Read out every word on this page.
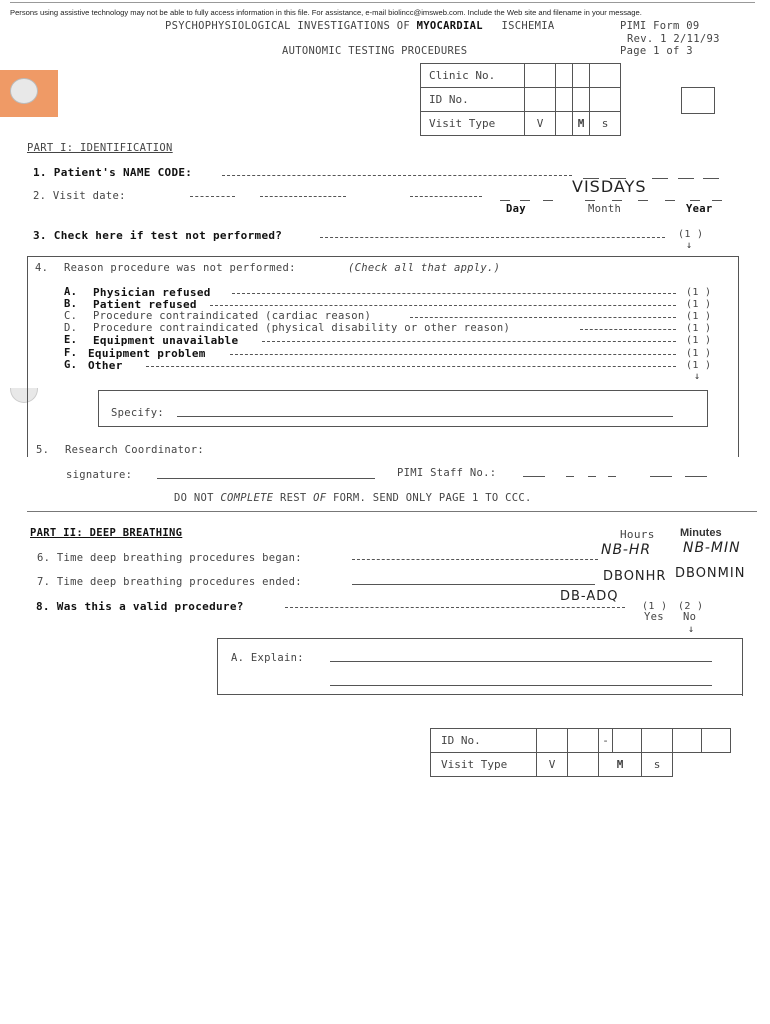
Persons using assistive technology may not be able to fully access information in this file. For assistance, e-mail biolincc@imsweb.com. Include the Web site and filename in your message.
PSYCHOPHYSIOLOGICAL INVESTIGATIONS OF MYOCARDIAL ISCHEMIA
AUTONOMIC TESTING PROCEDURES
PIMI Form 09
Rev. 1 2/11/93
Page 1 of 3
Clinic No.				
ID No.				
Visit Type	V		M	s
PART I: IDENTIFICATION
1. Patient's NAME CODE:
2. Visit date:	VISDAYS
Day	Month	Year
3. Check here if test not performed?	(1 )
↓
4. Reason procedure was not performed:	(Check all that apply.)
A. Physician refused	(1 )
B. Patient refused	(1 )
C. Procedure contraindicated (cardiac reason)	(1 )
D. Procedure contraindicated (physical disability or other reason)	(1 )
E. Equipment unavailable	(1 )
F. Equipment problem	(1 )
G. Other	(1 )
↓
Specify:
5. Research Coordinator:
signature:	PIMI Staff No.:
DO NOT COMPLETE REST OF FORM. SEND ONLY PAGE 1 TO CCC.
PART II: DEEP BREATHING	Hours Minutes
6. Time deep breathing procedures began:	NB-HR NB-MIN
7. Time deep breathing procedures ended:	DBONHR DBONMIN
8. Was this a valid procedure?
DB-ADQ
(1 ) (2 )
Yes No
↓
A. Explain:
ID No.			-				
Visit Type	V		M		s		
